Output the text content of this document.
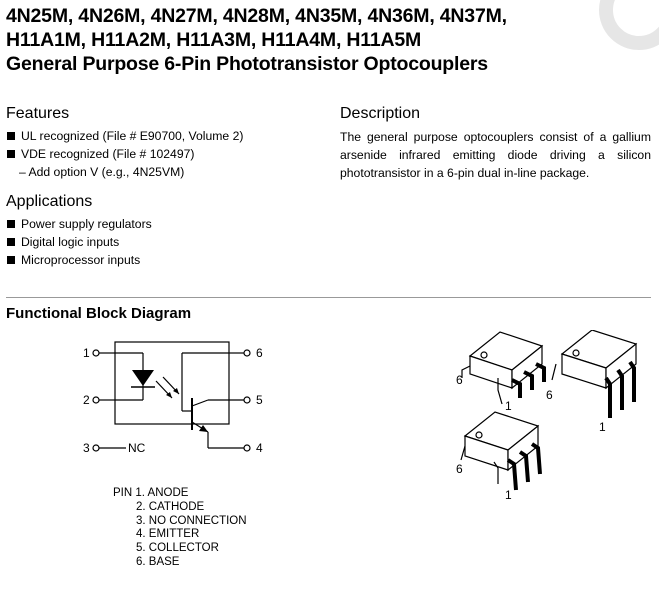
4N25M, 4N26M, 4N27M, 4N28M, 4N35M, 4N36M, 4N37M,
H11A1M, H11A2M, H11A3M, H11A4M, H11A5M
General Purpose 6-Pin Phototransistor Optocouplers
Features
UL recognized (File # E90700, Volume 2)
VDE recognized (File # 102497)
– Add option V (e.g., 4N25VM)
Applications
Power supply regulators
Digital logic inputs
Microprocessor inputs
Description
The general purpose optocouplers consist of a gallium arsenide infrared emitting diode driving a silicon phototransistor in a 6-pin dual in-line package.
Functional Block Diagram
1
2
3
6
5
4
NC
6
1
6
1
6
1
PIN 1. ANODE
2. CATHODE
3. NO CONNECTION
4. EMITTER
5. COLLECTOR
6. BASE
